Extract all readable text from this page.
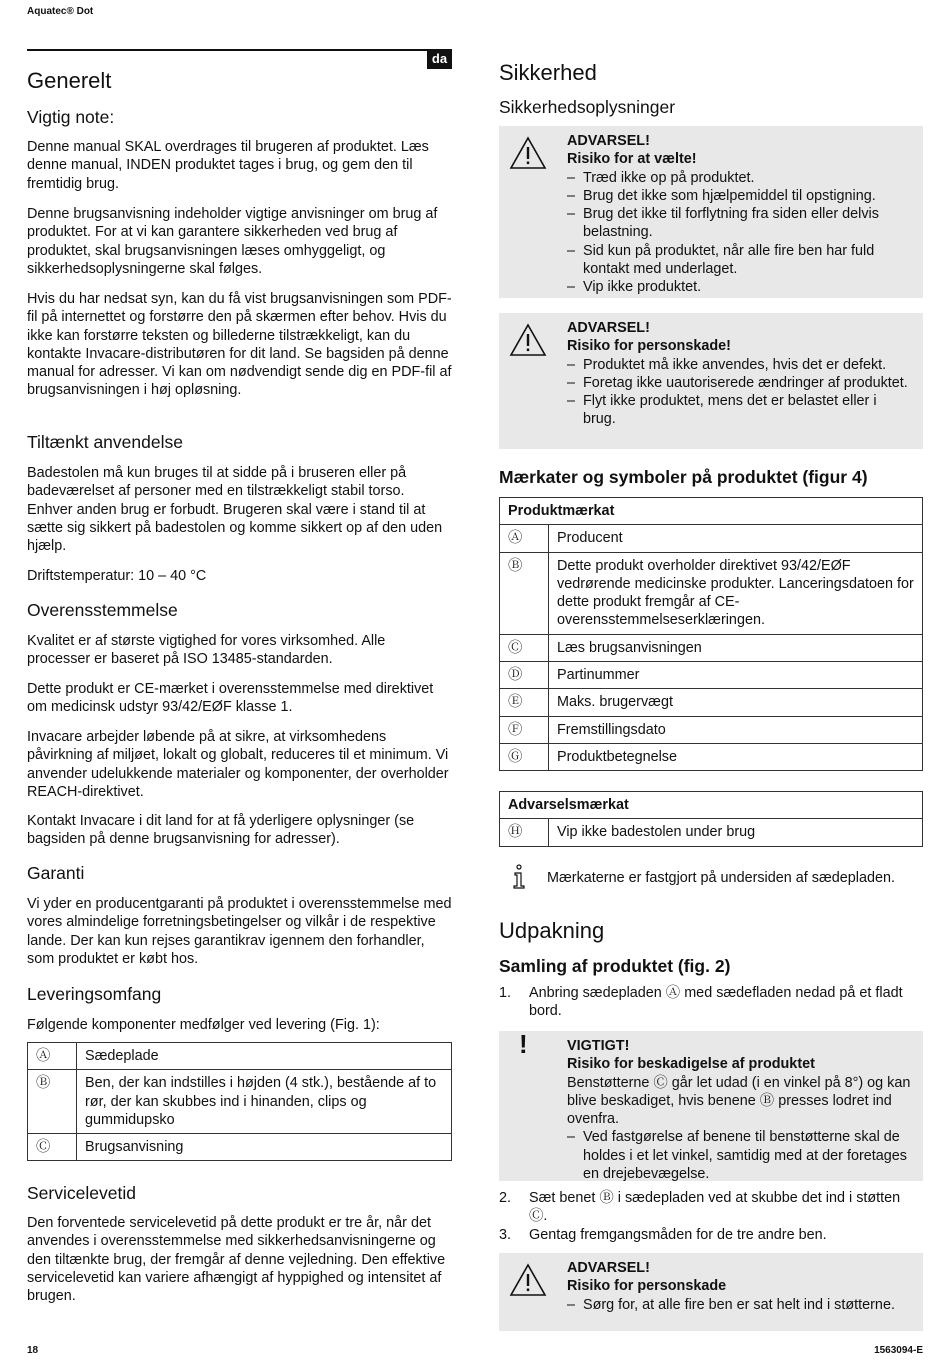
Aquatec® Dot
da
Generelt
Vigtig note:

Denne manual SKAL overdrages til brugeren af produktet. Læs denne manual, INDEN produktet tages i brug, og gem den til fremtidig brug.

Denne brugsanvisning indeholder vigtige anvisninger om brug af produktet. For at vi kan garantere sikkerheden ved brug af produktet, skal brugsanvisningen læses omhyggeligt, og sikkerhedsoplysningerne skal følges.

Hvis du har nedsat syn, kan du få vist brugsanvisningen som PDF-fil på internettet og forstørre den på skærmen efter behov. Hvis du ikke kan forstørre teksten og billederne tilstrækkeligt, kan du kontakte Invacare-distributøren for dit land. Se bagsiden på denne manual for adresser. Vi kan om nødvendigt sende dig en PDF-fil af brugsanvisningen i høj opløsning.

Tiltænkt anvendelse

Badestolen må kun bruges til at sidde på i bruseren eller på badeværelset af personer med en tilstrækkeligt stabil torso. Enhver anden brug er forbudt. Brugeren skal være i stand til at sætte sig sikkert på badestolen og komme sikkert op af den uden hjælp.

Driftstemperatur: 10 – 40 °C

Overensstemmelse

Kvalitet er af største vigtighed for vores virksomhed. Alle processer er baseret på ISO 13485-standarden.

Dette produkt er CE-mærket i overensstemmelse med direktivet om medicinsk udstyr 93/42/EØF klasse 1.

Invacare arbejder løbende på at sikre, at virksomhedens påvirkning af miljøet, lokalt og globalt, reduceres til et minimum. Vi anvender udelukkende materialer og komponenter, der overholder REACH-direktivet.

Kontakt Invacare i dit land for at få yderligere oplysninger (se bagsiden på denne brugsanvisning for adresser).

Garanti

Vi yder en producentgaranti på produktet i overensstemmelse med vores almindelige forretningsbetingelser og vilkår i de respektive lande. Der kan kun rejses garantikrav igennem den forhandler, som produktet er købt hos.

Leveringsomfang

Følgende komponenter medfølger ved levering (Fig. 1):

Ⓐ	Sædeplade
Ⓑ	Ben, der kan indstilles i højden (4 stk.), bestående af to rør, der kan skubbes ind i hinanden, clips og gummidupsko
Ⓒ	Brugsanvisning
Servicelevetid

Den forventede servicelevetid på dette produkt er tre år, når det anvendes i overensstemmelse med sikkerhedsanvisningerne og den tiltænkte brug, der fremgår af denne vejledning. Den effektive servicelevetid kan variere afhængigt af hyppighed og intensitet af brugen.

Sikkerhed
Sikkerhedsoplysninger
ADVARSEL!
Risiko for at vælte!
– Træd ikke op på produktet.
– Brug det ikke som hjælpemiddel til opstigning.
– Brug det ikke til forflytning fra siden eller delvis belastning.
– Sid kun på produktet, når alle fire ben har fuld kontakt med underlaget.
– Vip ikke produktet.
ADVARSEL!
Risiko for personskade!
– Produktet må ikke anvendes, hvis det er defekt.
– Foretag ikke uautoriserede ændringer af produktet.
– Flyt ikke produktet, mens det er belastet eller i brug.
Mærkater og symboler på produktet (figur 4)
Produktmærkat	
Ⓐ	Producent
Ⓑ	Dette produkt overholder direktivet 93/42/EØF vedrørende medicinske produkter. Lanceringsdatoen for dette produkt fremgår af CE-overensstemmelseserklæringen.
Ⓒ	Læs brugsanvisningen
Ⓓ	Partinummer
Ⓔ	Maks. brugervægt
Ⓕ	Fremstillingsdato
Ⓖ	Produktbetegnelse
Advarselsmærkat
Ⓗ	Vip ikke badestolen under brug

Mærkaterne er fastgjort på undersiden af sædepladen.

Udpakning
Samling af produktet (fig. 2)
1. Anbring sædepladen Ⓐ med sædefladen nedad på et fladt bord.
!	VIGTIGT!
Risiko for beskadigelse af produktet
Benstøtterne Ⓒ går let udad (i en vinkel på 8°) og kan blive beskadiget, hvis benene Ⓑ presses lodret ind ovenfra.
– Ved fastgørelse af benene til benstøtterne skal de holdes i et let vinkel, samtidig med at der foretages en drejebevægelse.
2. Sæt benet Ⓑ i sædepladen ved at skubbe det ind i støtten Ⓒ.
3. Gentag fremgangsmåden for de tre andre ben.
ADVARSEL!
Risiko for personskade
– Sørg for, at alle fire ben er sat helt ind i støtterne.
18	1563094-E
